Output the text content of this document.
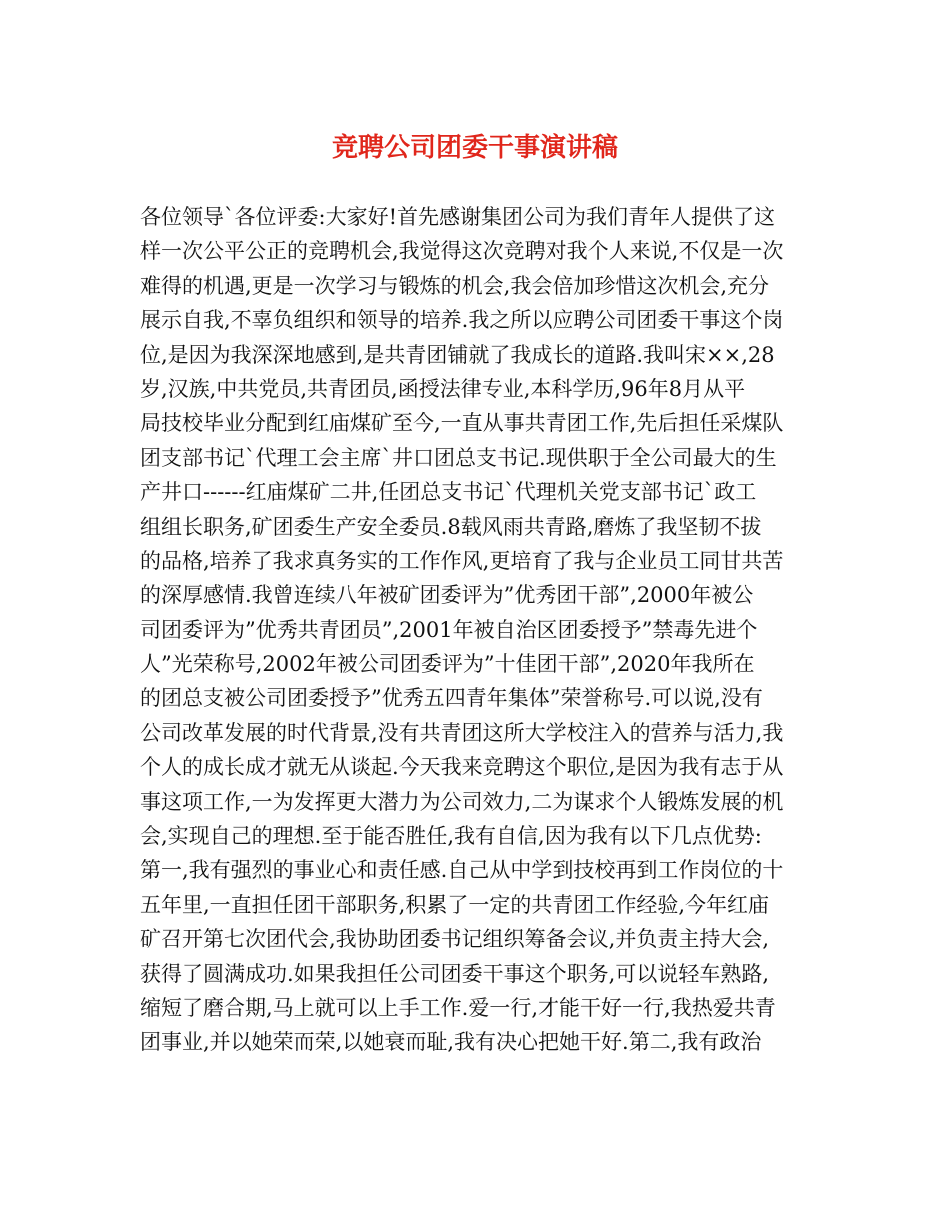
竞聘公司团委干事演讲稿
各位领导`各位评委:大家好!首先感谢集团公司为我们青年人提供了这
样一次公平公正的竞聘机会,我觉得这次竞聘对我个人来说,不仅是一次
难得的机遇,更是一次学习与锻炼的机会,我会倍加珍惜这次机会,充分
展示自我,不辜负组织和领导的培养.我之所以应聘公司团委干事这个岗
位,是因为我深深地感到,是共青团铺就了我成长的道路.我叫宋××,28
岁,汉族,中共党员,共青团员,函授法律专业,本科学历,96年8月从平
局技校毕业分配到红庙煤矿至今,一直从事共青团工作,先后担任采煤队
团支部书记`代理工会主席`井口团总支书记.现供职于全公司最大的生
产井口------红庙煤矿二井,任团总支书记`代理机关党支部书记`政工
组组长职务,矿团委生产安全委员.8载风雨共青路,磨炼了我坚韧不拔
的品格,培养了我求真务实的工作作风,更培育了我与企业员工同甘共苦
的深厚感情.我曾连续八年被矿团委评为”优秀团干部”,2000年被公
司团委评为”优秀共青团员”,2001年被自治区团委授予”禁毒先进个
人”光荣称号,2002年被公司团委评为”十佳团干部”,2020年我所在
的团总支被公司团委授予”优秀五四青年集体”荣誉称号.可以说,没有
公司改革发展的时代背景,没有共青团这所大学校注入的营养与活力,我
个人的成长成才就无从谈起.今天我来竞聘这个职位,是因为我有志于从
事这项工作,一为发挥更大潜力为公司效力,二为谋求个人锻炼发展的机
会,实现自己的理想.至于能否胜任,我有自信,因为我有以下几点优势:
第一,我有强烈的事业心和责任感.自己从中学到技校再到工作岗位的十
五年里,一直担任团干部职务,积累了一定的共青团工作经验,今年红庙
矿召开第七次团代会,我协助团委书记组织筹备会议,并负责主持大会,
获得了圆满成功.如果我担任公司团委干事这个职务,可以说轻车熟路,
缩短了磨合期,马上就可以上手工作.爱一行,才能干好一行,我热爱共青
团事业,并以她荣而荣,以她衰而耻,我有决心把她干好.第二,我有政治
